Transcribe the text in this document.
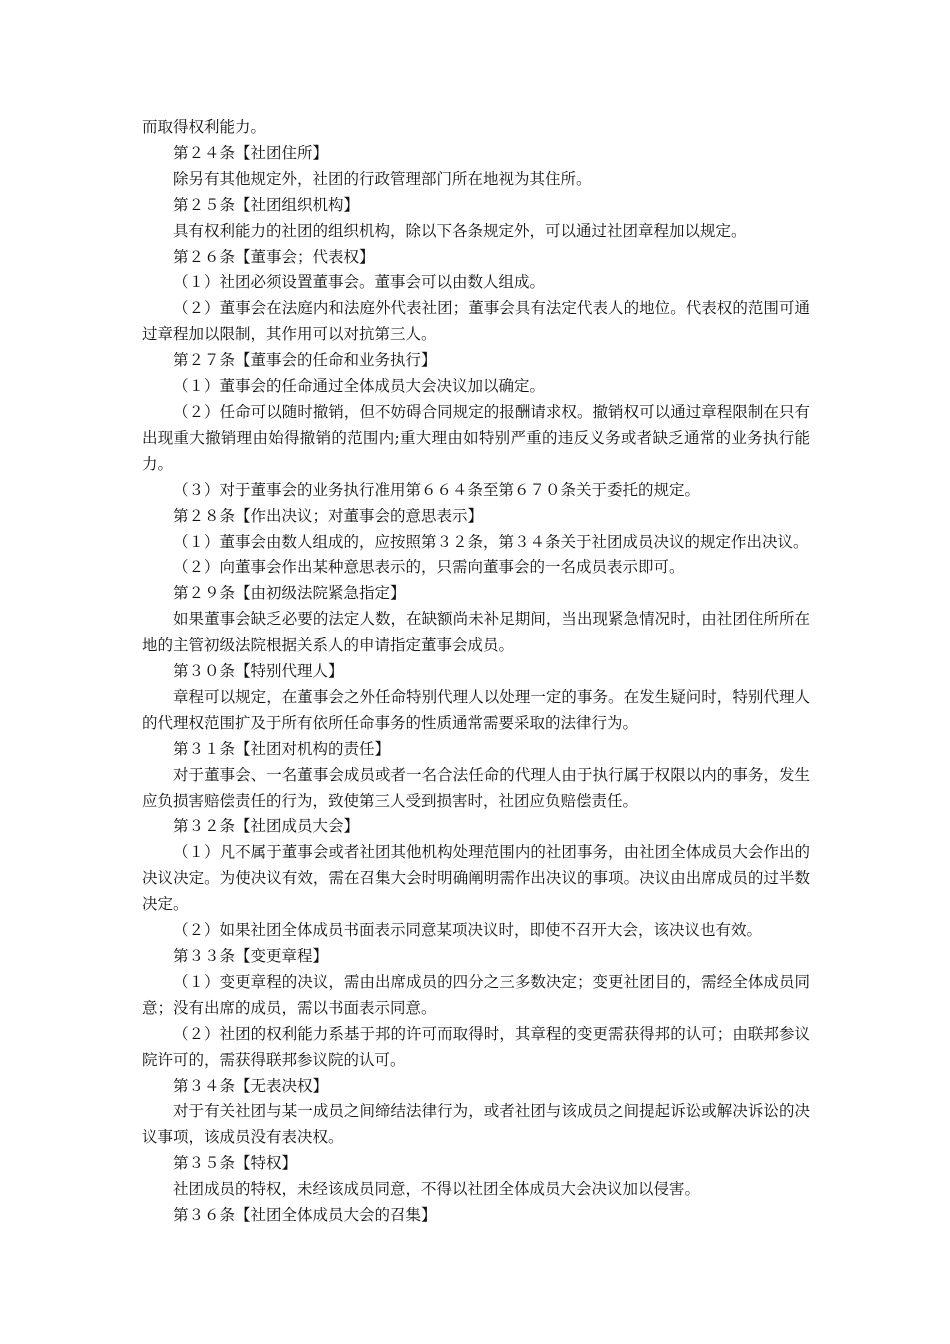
而取得权利能力。

第２４条【社团住所】

除另有其他规定外，社团的行政管理部门所在地视为其住所。

第２５条【社团组织机构】

具有权利能力的社团的组织机构，除以下各条规定外，可以通过社团章程加以规定。

第２６条【董事会；代表权】

（１）社团必须设置董事会。董事会可以由数人组成。

（２）董事会在法庭内和法庭外代表社团；董事会具有法定代表人的地位。代表权的范围可通过章程加以限制，其作用可以对抗第三人。

第２７条【董事会的任命和业务执行】

（１）董事会的任命通过全体成员大会决议加以确定。

（２）任命可以随时撤销，但不妨碍合同规定的报酬请求权。撤销权可以通过章程限制在只有出现重大撤销理由始得撤销的范围内;重大理由如特别严重的违反义务或者缺乏通常的业务执行能力。

（３）对于董事会的业务执行准用第６６４条至第６７０条关于委托的规定。

第２８条【作出决议；对董事会的意思表示】

（１）董事会由数人组成的，应按照第３２条，第３４条关于社团成员决议的规定作出决议。

（２）向董事会作出某种意思表示的，只需向董事会的一名成员表示即可。

第２９条【由初级法院紧急指定】

如果董事会缺乏必要的法定人数，在缺额尚未补足期间，当出现紧急情况时，由社团住所所在地的主管初级法院根据关系人的申请指定董事会成员。

第３０条【特别代理人】

章程可以规定，在董事会之外任命特别代理人以处理一定的事务。在发生疑问时，特别代理人的代理权范围扩及于所有依所任命事务的性质通常需要采取的法律行为。

第３１条【社团对机构的责任】

对于董事会、一名董事会成员或者一名合法任命的代理人由于执行属于权限以内的事务，发生应负损害赔偿责任的行为，致使第三人受到损害时，社团应负赔偿责任。

第３２条【社团成员大会】

（１）凡不属于董事会或者社团其他机构处理范围内的社团事务，由社团全体成员大会作出的决议决定。为使决议有效，需在召集大会时明确阐明需作出决议的事项。决议由出席成员的过半数决定。

（２）如果社团全体成员书面表示同意某项决议时，即使不召开大会，该决议也有效。

第３３条【变更章程】

（１）变更章程的决议，需由出席成员的四分之三多数决定；变更社团目的，需经全体成员同意；没有出席的成员，需以书面表示同意。

（２）社团的权利能力系基于邦的许可而取得时，其章程的变更需获得邦的认可；由联邦参议院许可的，需获得联邦参议院的认可。

第３４条【无表决权】

对于有关社团与某一成员之间缔结法律行为，或者社团与该成员之间提起诉讼或解决诉讼的决议事项，该成员没有表决权。

第３５条【特权】

社团成员的特权，未经该成员同意，不得以社团全体成员大会决议加以侵害。

第３６条【社团全体成员大会的召集】
